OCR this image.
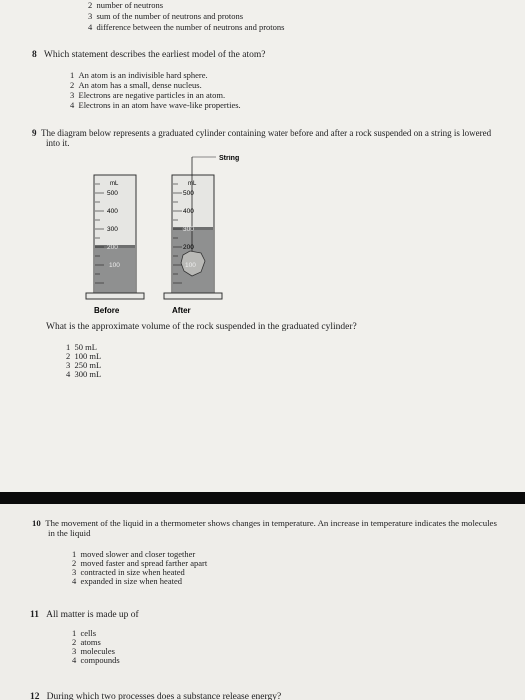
2 number of neutrons
3 sum of the number of neutrons and protons
4 difference between the number of neutrons and protons
8 Which statement describes the earliest model of the atom?
1 An atom is an indivisible hard sphere.
2 An atom has a small, dense nucleus.
3 Electrons are negative particles in an atom.
4 Electrons in an atom have wave-like properties.
9 The diagram below represents a graduated cylinder containing water before and after a rock suspended on a string is lowered
into it.
mL
500
400
300
200
100
mL
500
400
300
200
100
String
Before	After
What is the approximate volume of the rock suspended in the graduated cylinder?
1 50 mL
2 100 mL
3 250 mL
4 300 mL
10 The movement of the liquid in a thermometer shows changes in temperature. An increase in temperature indicates the molecules
in the liquid
1 moved slower and closer together
2 moved faster and spread farther apart
3 contracted in size when heated
4 expanded in size when heated
11 All matter is made up of
1 cells
2 atoms
3 molecules
4 compounds
12 During which two processes does a substance release energy?
